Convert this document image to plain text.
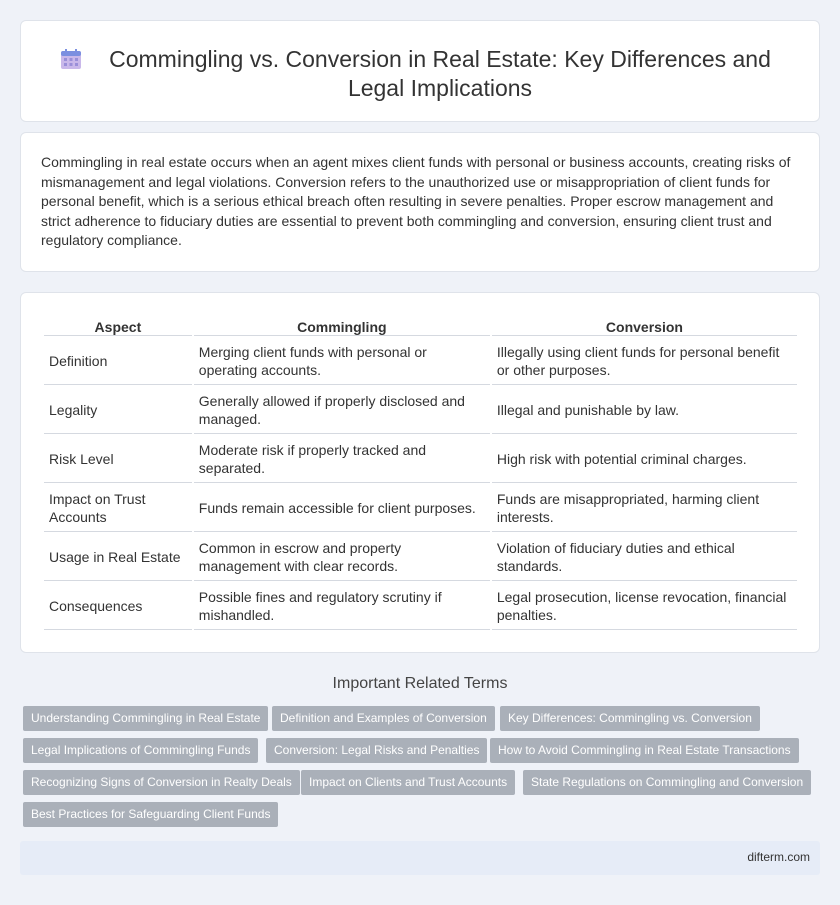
Commingling vs. Conversion in Real Estate: Key Differences and Legal Implications

Commingling in real estate occurs when an agent mixes client funds with personal or business accounts, creating risks of mismanagement and legal violations. Conversion refers to the unauthorized use or misappropriation of client funds for personal benefit, which is a serious ethical breach often resulting in severe penalties. Proper escrow management and strict adherence to fiduciary duties are essential to prevent both commingling and conversion, ensuring client trust and regulatory compliance.

Aspect	Commingling	Conversion
Definition	Merging client funds with personal or operating accounts.	Illegally using client funds for personal benefit or other purposes.
Legality	Generally allowed if properly disclosed and managed.	Illegal and punishable by law.
Risk Level	Moderate risk if properly tracked and separated.	High risk with potential criminal charges.
Impact on Trust Accounts	Funds remain accessible for client purposes.	Funds are misappropriated, harming client interests.
Usage in Real Estate	Common in escrow and property management with clear records.	Violation of fiduciary duties and ethical standards.
Consequences	Possible fines and regulatory scrutiny if mishandled.	Legal prosecution, license revocation, financial penalties.
Important Related Terms
Understanding Commingling in Real Estate	Definition and Examples of Conversion	Key Differences: Commingling vs. Conversion
Legal Implications of Commingling Funds	Conversion: Legal Risks and Penalties	How to Avoid Commingling in Real Estate Transactions
Recognizing Signs of Conversion in Realty Deals	Impact on Clients and Trust Accounts	State Regulations on Commingling and Conversion
Best Practices for Safeguarding Client Funds
difterm.com
